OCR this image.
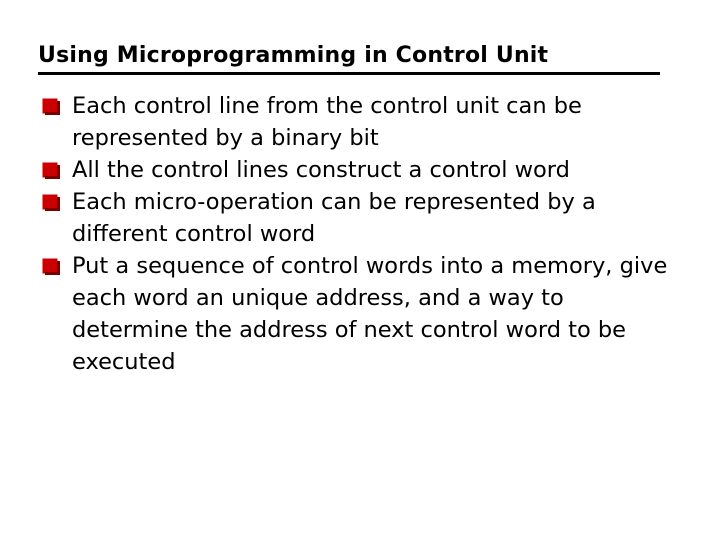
Using Microprogramming in Control Unit
Each control line from the control unit can be represented by a binary bit
All the control lines construct a control word
Each micro-operation can be represented by a different control word
Put a sequence of control words into a memory, give each word an unique address, and a way to determine the address of next control word to be executed
